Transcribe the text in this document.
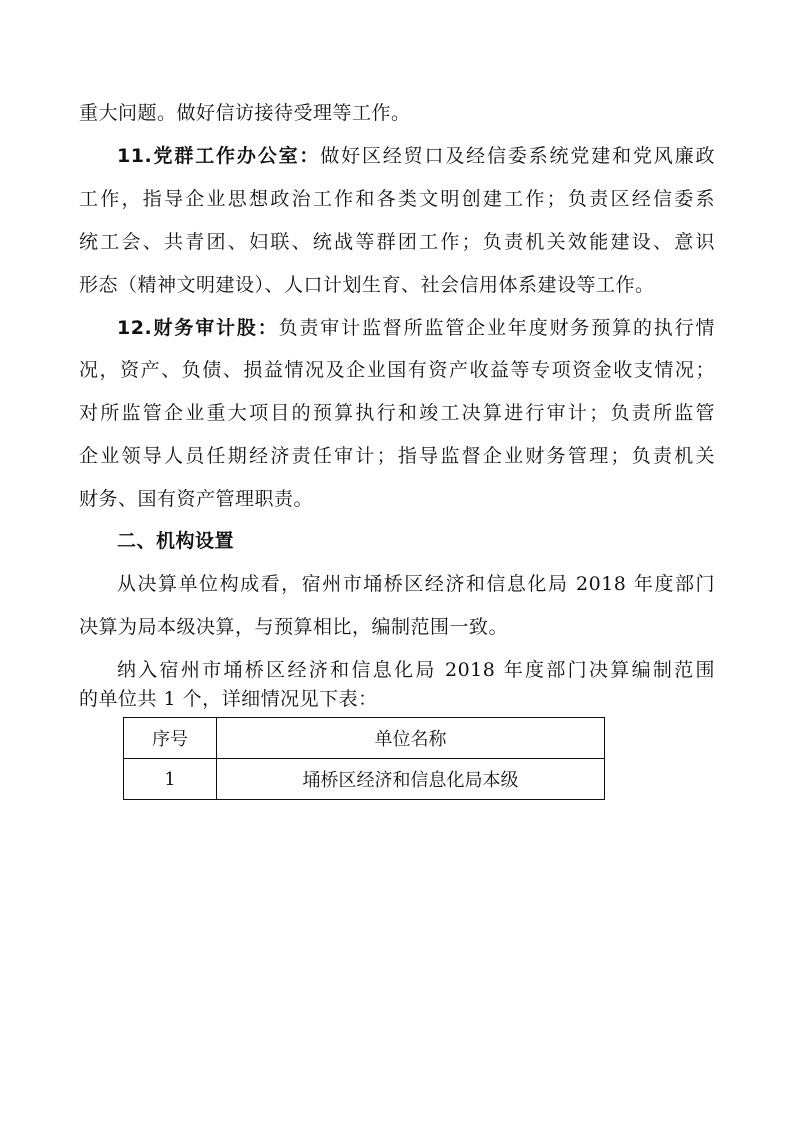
重大问题。做好信访接待受理等工作。
11.党群工作办公室：做好区经贸口及经信委系统党建和党风廉政
工作，指导企业思想政治工作和各类文明创建工作；负责区经信委系
统工会、共青团、妇联、统战等群团工作；负责机关效能建设、意识
形态（精神文明建设）、人口计划生育、社会信用体系建设等工作。
12.财务审计股：负责审计监督所监管企业年度财务预算的执行情
况，资产、负债、损益情况及企业国有资产收益等专项资金收支情况；
对所监管企业重大项目的预算执行和竣工决算进行审计；负责所监管
企业领导人员任期经济责任审计；指导监督企业财务管理；负责机关
财务、国有资产管理职责。
二、机构设置
从决算单位构成看，宿州市埇桥区经济和信息化局 2018 年度部门
决算为局本级决算，与预算相比，编制范围一致。
纳入宿州市埇桥区经济和信息化局 2018 年度部门决算编制范围
的单位共 1 个，详细情况见下表：
序号	单位名称
1	埇桥区经济和信息化局本级
